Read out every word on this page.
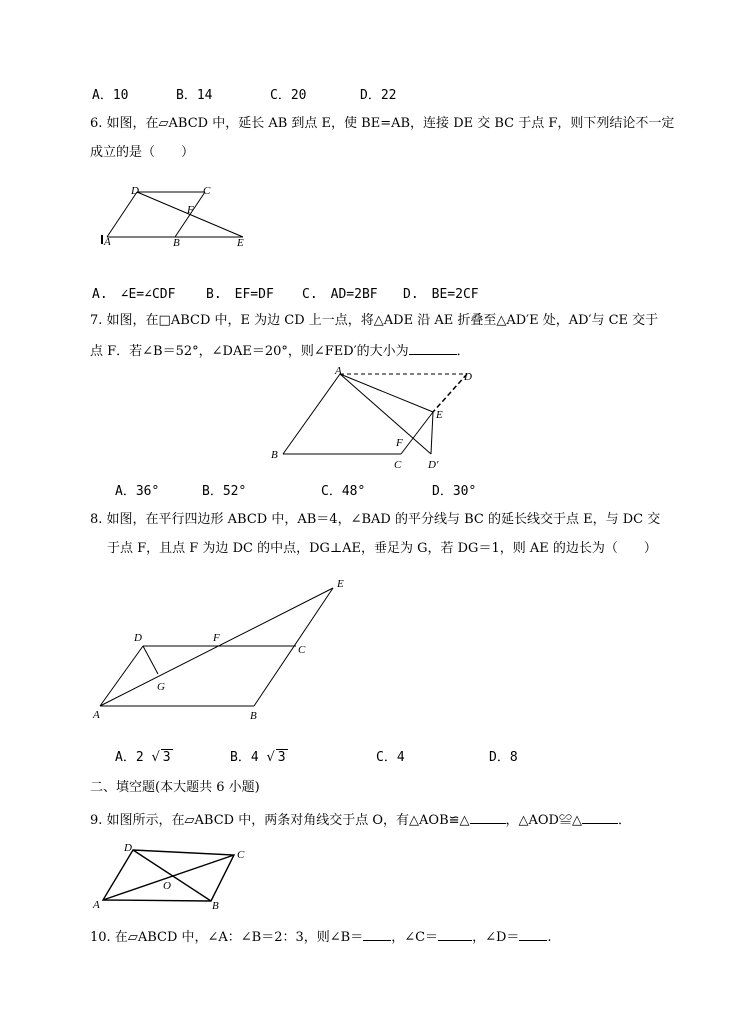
A．10	B．14	C．20	D．22
6. 如图，在▱ABCD 中，延长 AB 到点 E，使 BE=AB，连接 DE 交 BC 于点 F，则下列结论不一定
成立的是（　　）
D	C
F
A	B	E
A.　∠E=∠CDF B.　EF=DF C.　AD=2BF D.　BE=2CF
7. 如图，在□ABCD 中，E 为边 CD 上一点，将△ADE 沿 AE 折叠至△AD′E 处，AD′与 CE 交于
点 F．若∠B＝52°，∠DAE＝20°，则∠FED′的大小为	．
A	D
E
F
B
C D′
A．36°	B．52°	C．48°	D．30°
8. 如图，在平行四边形 ABCD 中，AB＝4，∠BAD 的平分线与 BC 的延长线交于点 E，与 DC 交
于点 F，且点 F 为边 DC 的中点，DG⊥AE，垂足为 G，若 DG＝1，则 AE 的边长为（　　）
E
D	F
C
G
A	B
A．2 √ 3	B．4 √ 3	C．4	D．8
二、填空题(本大题共 6 小题)
9. 如图所示，在▱ABCD 中，两条对角线交于点 O，有△AOB≌△	，△AOD≌△	．
D
C
O
A	B
10. 在▱ABCD 中，∠A：∠B＝2：3，则∠B＝ ，∠C＝	，∠D＝ .
